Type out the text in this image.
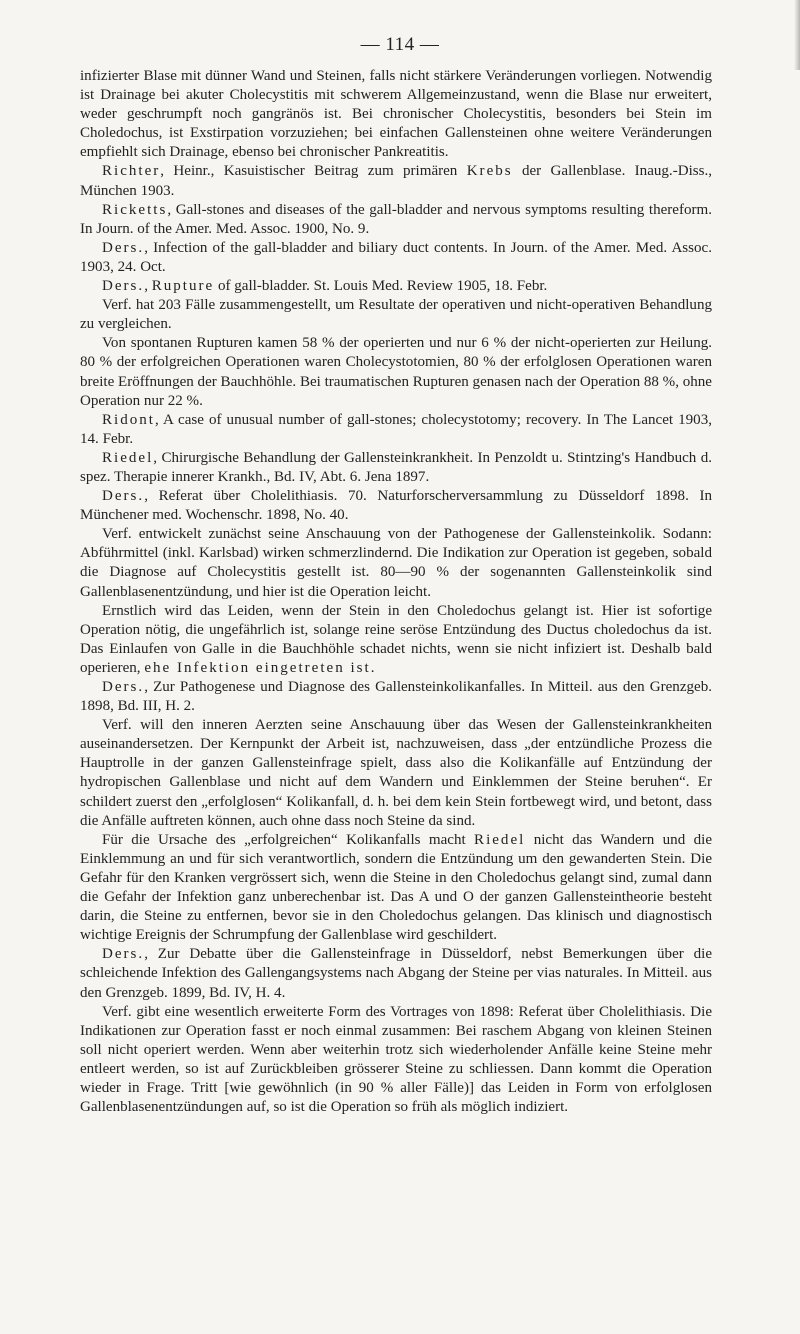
— 114 —

infizierter Blase mit dünner Wand und Steinen, falls nicht stärkere Veränderungen vorliegen. Notwendig ist Drainage bei akuter Cholecystitis mit schwerem Allgemeinzustand, wenn die Blase nur erweitert, weder geschrumpft noch gangränös ist. Bei chronischer Cholecystitis, besonders bei Stein im Choledochus, ist Exstirpation vorzuziehen; bei einfachen Gallensteinen ohne weitere Veränderungen empfiehlt sich Drainage, ebenso bei chronischer Pankreatitis.

Richter, Heinr., Kasuistischer Beitrag zum primären Krebs der Gallenblase. Inaug.-Diss., München 1903.

Ricketts, Gall-stones and diseases of the gall-bladder and nervous symptoms resulting thereform. In Journ. of the Amer. Med. Assoc. 1900, No. 9.

Ders., Infection of the gall-bladder and biliary duct contents. In Journ. of the Amer. Med. Assoc. 1903, 24. Oct.

Ders., Rupture of gall-bladder. St. Louis Med. Review 1905, 18. Febr.

Verf. hat 203 Fälle zusammengestellt, um Resultate der operativen und nicht-operativen Behandlung zu vergleichen.

Von spontanen Rupturen kamen 58 % der operierten und nur 6 % der nicht-operierten zur Heilung. 80 % der erfolgreichen Operationen waren Cholecystotomien, 80 % der erfolglosen Operationen waren breite Eröffnungen der Bauchhöhle. Bei traumatischen Rupturen genasen nach der Operation 88 %, ohne Operation nur 22 %.

Ridont, A case of unusual number of gall-stones; cholecystotomy; recovery. In The Lancet 1903, 14. Febr.

Riedel, Chirurgische Behandlung der Gallensteinkrankheit. In Penzoldt u. Stintzing's Handbuch d. spez. Therapie innerer Krankh., Bd. IV, Abt. 6. Jena 1897.

Ders., Referat über Cholelithiasis. 70. Naturforscherversammlung zu Düsseldorf 1898. In Münchener med. Wochenschr. 1898, No. 40.

Verf. entwickelt zunächst seine Anschauung von der Pathogenese der Gallensteinkolik. Sodann: Abführmittel (inkl. Karlsbad) wirken schmerzlindernd. Die Indikation zur Operation ist gegeben, sobald die Diagnose auf Cholecystitis gestellt ist. 80—90 % der sogenannten Gallensteinkolik sind Gallenblasenentzündung, und hier ist die Operation leicht.

Ernstlich wird das Leiden, wenn der Stein in den Choledochus gelangt ist. Hier ist sofortige Operation nötig, die ungefährlich ist, solange reine seröse Entzündung des Ductus choledochus da ist. Das Einlaufen von Galle in die Bauchhöhle schadet nichts, wenn sie nicht infiziert ist. Deshalb bald operieren, ehe Infektion eingetreten ist.

Ders., Zur Pathogenese und Diagnose des Gallensteinkolikanfalles. In Mitteil. aus den Grenzgeb. 1898, Bd. III, H. 2.

Verf. will den inneren Aerzten seine Anschauung über das Wesen der Gallensteinkrankheiten auseinandersetzen. Der Kernpunkt der Arbeit ist, nachzuweisen, dass „der entzündliche Prozess die Hauptrolle in der ganzen Gallensteinfrage spielt, dass also die Kolikanfälle auf Entzündung der hydropischen Gallenblase und nicht auf dem Wandern und Einklemmen der Steine beruhen“. Er schildert zuerst den „erfolglosen“ Kolikanfall, d. h. bei dem kein Stein fortbewegt wird, und betont, dass die Anfälle auftreten können, auch ohne dass noch Steine da sind.

Für die Ursache des „erfolgreichen“ Kolikanfalls macht Riedel nicht das Wandern und die Einklemmung an und für sich verantwortlich, sondern die Entzündung um den gewanderten Stein. Die Gefahr für den Kranken vergrössert sich, wenn die Steine in den Choledochus gelangt sind, zumal dann die Gefahr der Infektion ganz unberechenbar ist. Das A und O der ganzen Gallensteintheorie besteht darin, die Steine zu entfernen, bevor sie in den Choledochus gelangen. Das klinisch und diagnostisch wichtige Ereignis der Schrumpfung der Gallenblase wird geschildert.

Ders., Zur Debatte über die Gallensteinfrage in Düsseldorf, nebst Bemerkungen über die schleichende Infektion des Gallengangsystems nach Abgang der Steine per vias naturales. In Mitteil. aus den Grenzgeb. 1899, Bd. IV, H. 4.

Verf. gibt eine wesentlich erweiterte Form des Vortrages von 1898: Referat über Cholelithiasis. Die Indikationen zur Operation fasst er noch einmal zusammen: Bei raschem Abgang von kleinen Steinen soll nicht operiert werden. Wenn aber weiterhin trotz sich wiederholender Anfälle keine Steine mehr entleert werden, so ist auf Zurückbleiben grösserer Steine zu schliessen. Dann kommt die Operation wieder in Frage. Tritt [wie gewöhnlich (in 90 % aller Fälle)] das Leiden in Form von erfolglosen Gallenblasenentzündungen auf, so ist die Operation so früh als möglich indiziert.
